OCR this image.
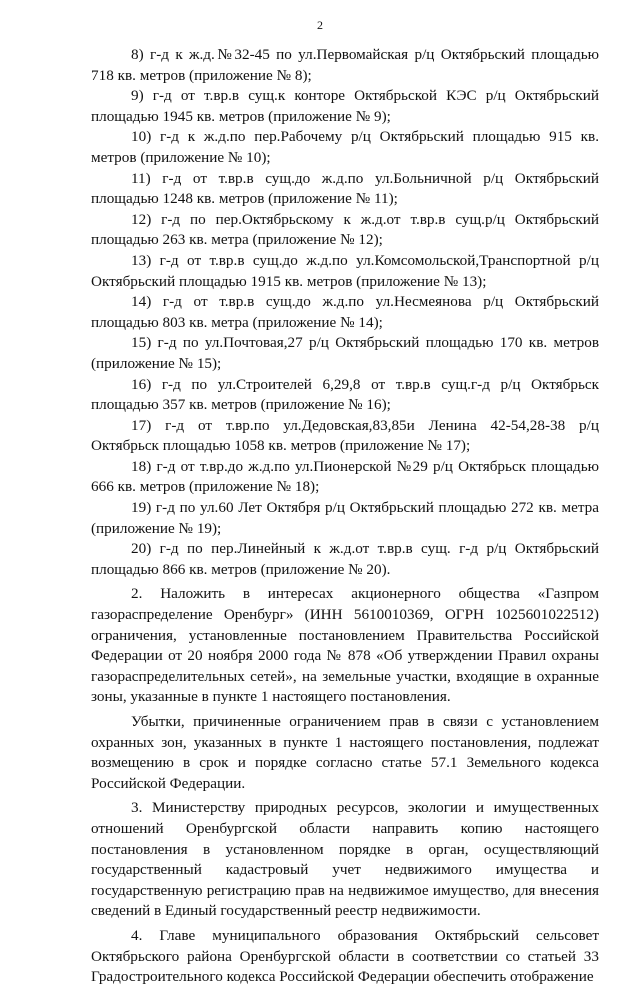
2

8) г-д к ж.д.№32-45 по ул.Первомайская р/ц Октябрьский площадью 718 кв. метров (приложение № 8);

9) г-д от т.вр.в сущ.к конторе Октябрьской КЭС р/ц Октябрьский площадью 1945 кв. метров (приложение № 9);

10) г-д к ж.д.по пер.Рабочему р/ц Октябрьский площадью 915 кв. метров (приложение № 10);

11) г-д от т.вр.в сущ.до ж.д.по ул.Больничной р/ц Октябрьский площадью 1248 кв. метров (приложение № 11);

12) г-д по пер.Октябрьскому к ж.д.от т.вр.в сущ.р/ц Октябрьский площадью 263 кв. метра (приложение № 12);

13) г-д от т.вр.в сущ.до ж.д.по ул.Комсомольской,Транспортной р/ц Октябрьский площадью 1915 кв. метров (приложение № 13);

14) г-д от т.вр.в сущ.до ж.д.по ул.Несмеянова р/ц Октябрьский площадью 803 кв. метра (приложение № 14);

15) г-д по ул.Почтовая,27 р/ц Октябрьский площадью 170 кв. метров (приложение № 15);

16) г-д по ул.Строителей 6,29,8 от т.вр.в сущ.г-д р/ц Октябрьск площадью 357 кв. метров (приложение № 16);

17) г-д от т.вр.по ул.Дедовская,83,85и Ленина 42-54,28-38 р/ц Октябрьск площадью 1058 кв. метров (приложение № 17);

18) г-д от т.вр.до ж.д.по ул.Пионерской №29 р/ц Октябрьск площадью 666 кв. метров (приложение № 18);

19) г-д по ул.60 Лет Октября р/ц Октябрьский площадью 272 кв. метра (приложение № 19);

20) г-д по пер.Линейный к ж.д.от т.вр.в сущ. г-д р/ц Октябрьский площадью 866 кв. метров (приложение № 20).

2. Наложить в интересах акционерного общества «Газпром газораспределение Оренбург» (ИНН 5610010369, ОГРН 1025601022512) ограничения, установленные постановлением Правительства Российской Федерации от 20 ноября 2000 года № 878 «Об утверждении Правил охраны газораспределительных сетей», на земельные участки, входящие в охранные зоны, указанные в пункте 1 настоящего постановления.

Убытки, причиненные ограничением прав в связи с установлением охранных зон, указанных в пункте 1 настоящего постановления, подлежат возмещению в срок и порядке согласно статье 57.1 Земельного кодекса Российской Федерации.

3. Министерству природных ресурсов, экологии и имущественных отношений Оренбургской области направить копию настоящего постановления в установленном порядке в орган, осуществляющий государственный кадастровый учет недвижимого имущества и государственную регистрацию прав на недвижимое имущество, для внесения сведений в Единый государственный реестр недвижимости.

4. Главе муниципального образования Октябрьский сельсовет Октябрьского района Оренбургской области в соответствии со статьей 33 Градостроительного кодекса Российской Федерации обеспечить отображение
